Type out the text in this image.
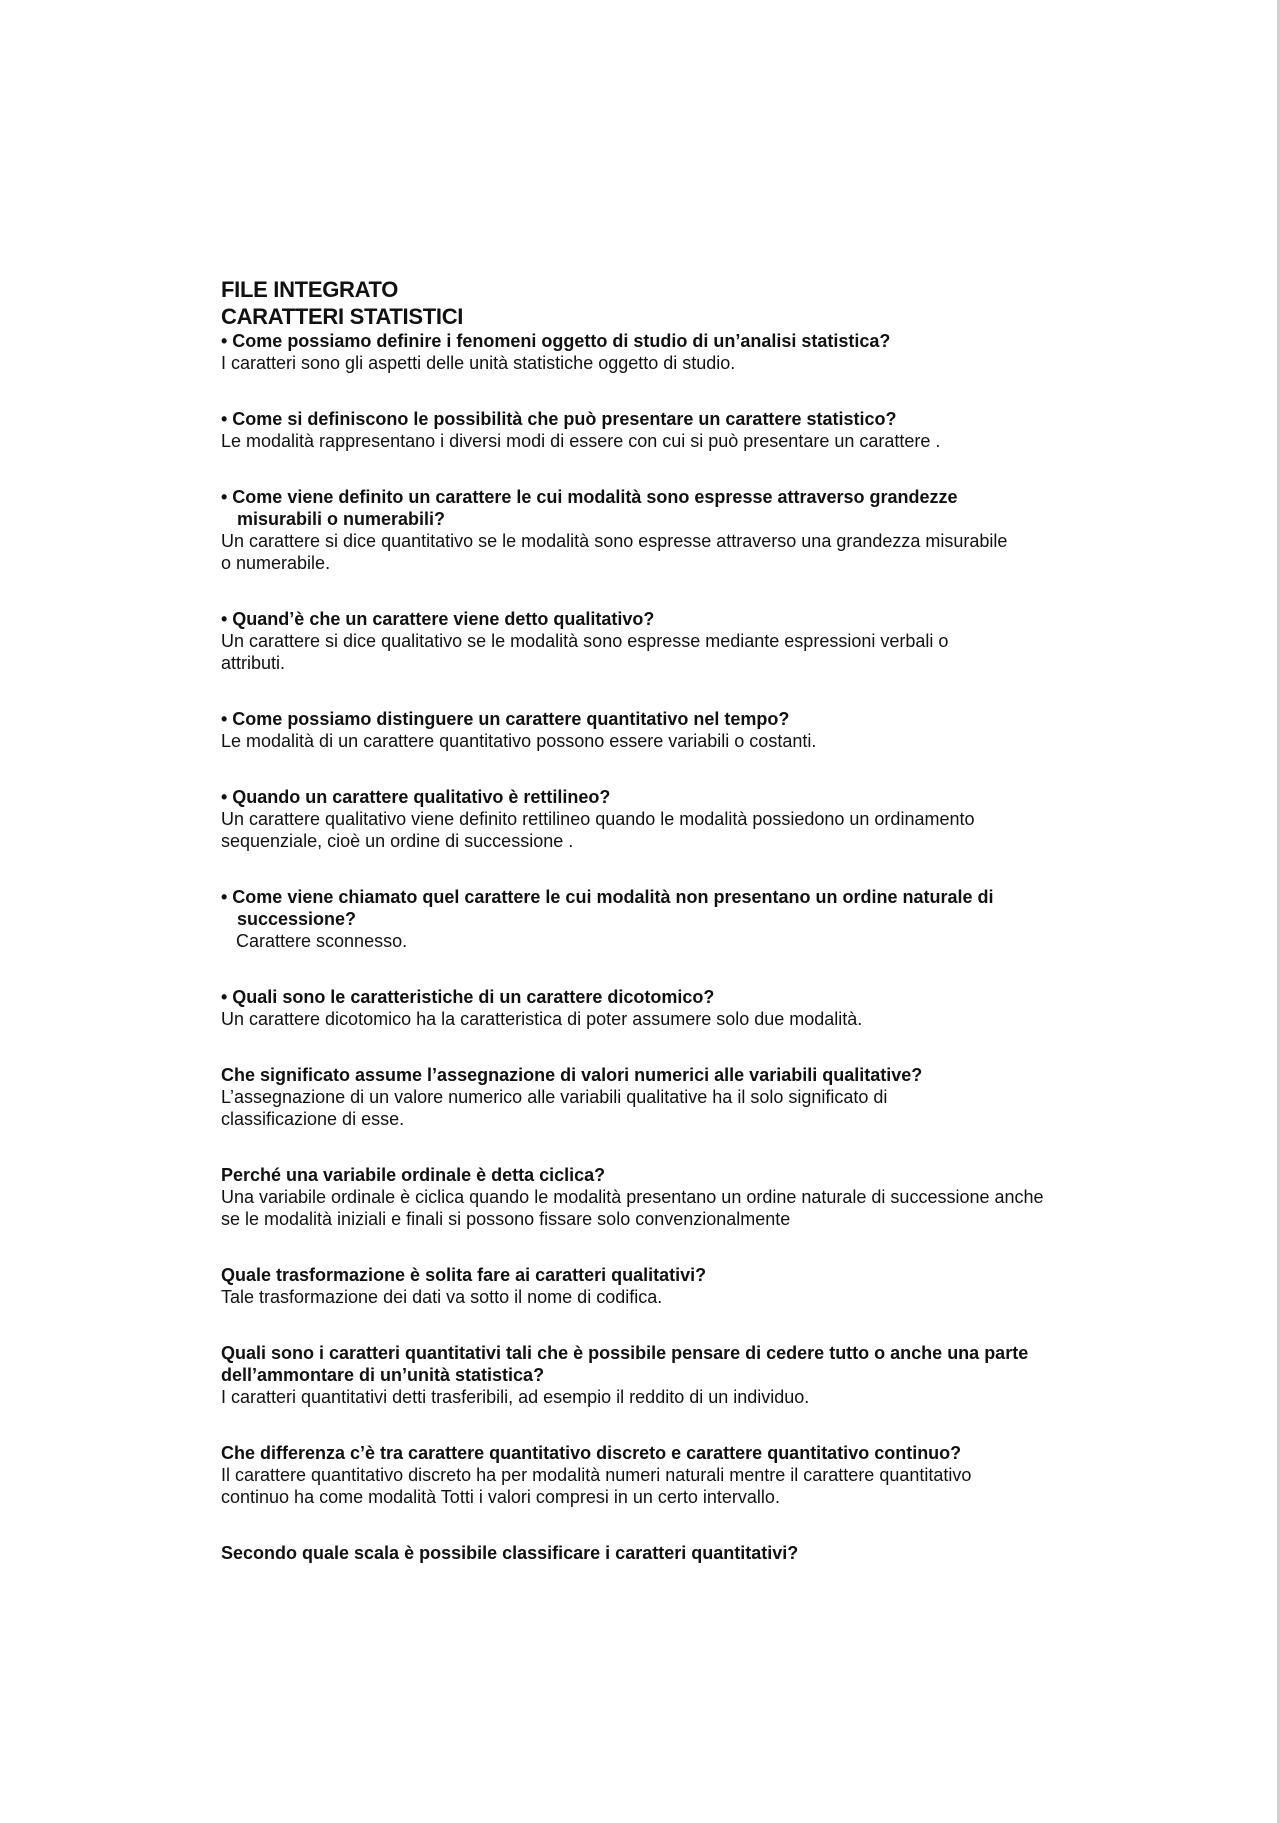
FILE INTEGRATO
CARATTERI STATISTICI

• Come possiamo definire i fenomeni oggetto di studio di un’analisi statistica?

I caratteri sono gli aspetti delle unità statistiche oggetto di studio.

• Come si definiscono le possibilità che può presentare un carattere statistico?

Le modalità rappresentano i diversi modi di essere con cui si può presentare un carattere .

• Come viene definito un carattere le cui modalità sono espresse attraverso grandezze misurabili o numerabili?

Un carattere si dice quantitativo se le modalità sono espresse attraverso una grandezza misurabile o numerabile.

• Quand’è che un carattere viene detto qualitativo?

Un carattere si dice qualitativo se le modalità sono espresse mediante espressioni verbali o attributi.

• Come possiamo distinguere un carattere quantitativo nel tempo?

Le modalità di un carattere quantitativo possono essere variabili o costanti.

• Quando un carattere qualitativo è rettilineo?

Un carattere qualitativo viene definito rettilineo quando le modalità possiedono un ordinamento sequenziale, cioè un ordine di successione .

• Come viene chiamato quel carattere le cui modalità non presentano un ordine naturale di successione?

Carattere sconnesso.

• Quali sono le caratteristiche di un carattere dicotomico?

Un carattere dicotomico ha la caratteristica di poter assumere solo due modalità.

Che significato assume l’assegnazione di valori numerici alle variabili qualitative?

L’assegnazione di un valore numerico alle variabili qualitative ha il solo significato di classificazione di esse.

Perché una variabile ordinale è detta ciclica?

Una variabile ordinale è ciclica quando le modalità presentano un ordine naturale di successione anche se le modalità iniziali e finali si possono fissare solo convenzionalmente

Quale trasformazione è solita fare ai caratteri qualitativi?

Tale trasformazione dei dati va sotto il nome di codifica.

Quali sono i caratteri quantitativi tali che è possibile pensare di cedere tutto o anche una parte dell’ammontare di un’unità statistica?

I caratteri quantitativi detti trasferibili, ad esempio il reddito di un individuo.

Che differenza c’è tra carattere quantitativo discreto e carattere quantitativo continuo?

Il carattere quantitativo discreto ha per modalità numeri naturali mentre il carattere quantitativo continuo ha come modalità Totti i valori compresi in un certo intervallo.

Secondo quale scala è possibile classificare i caratteri quantitativi?
